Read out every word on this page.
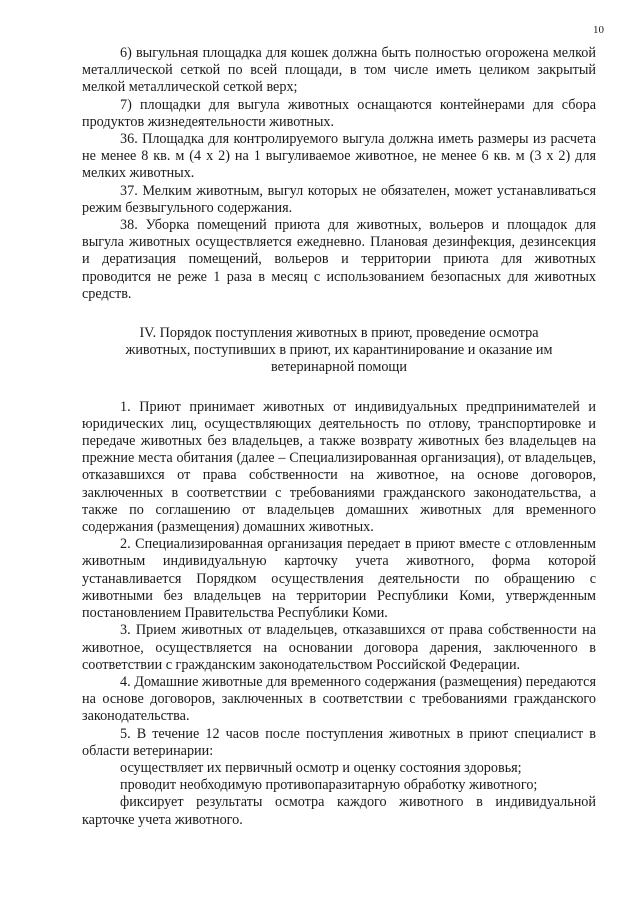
10

6) выгульная площадка для кошек должна быть полностью огорожена мелкой металлической сеткой по всей площади, в том числе иметь целиком закрытый мелкой металлической сеткой верх;

7) площадки для выгула животных оснащаются контейнерами для сбора продуктов жизнедеятельности животных.

36. Площадка для контролируемого выгула должна иметь размеры из расчета не менее 8 кв. м (4 х 2) на 1 выгуливаемое животное, не менее 6 кв. м (3 х 2) для мелких животных.

37. Мелким животным, выгул которых не обязателен, может устанавливаться режим безвыгульного содержания.

38. Уборка помещений приюта для животных, вольеров и площадок для выгула животных осуществляется ежедневно. Плановая дезинфекция, дезинсекция и дератизация помещений, вольеров и территории приюта для животных проводится не реже 1 раза в месяц с использованием безопасных для животных средств.

IV. Порядок поступления животных в приют, проведение осмотра животных, поступивших в приют, их карантинирование и оказание им ветеринарной помощи

1. Приют принимает животных от индивидуальных предпринимателей и юридических лиц, осуществляющих деятельность по отлову, транспортировке и передаче животных без владельцев, а также возврату животных без владельцев на прежние места обитания (далее – Специализированная организация), от владельцев, отказавшихся от права собственности на животное, на основе договоров, заключенных в соответствии с требованиями гражданского законодательства, а также по соглашению от владельцев домашних животных для временного содержания (размещения) домашних животных.

2. Специализированная организация передает в приют вместе с отловленным животным индивидуальную карточку учета животного, форма которой устанавливается Порядком осуществления деятельности по обращению с животными без владельцев на территории Республики Коми, утвержденным постановлением Правительства Республики Коми.

3. Прием животных от владельцев, отказавшихся от права собственности на животное, осуществляется на основании договора дарения, заключенного в соответствии с гражданским законодательством Российской Федерации.

4. Домашние животные для временного содержания (размещения) передаются на основе договоров, заключенных в соответствии с требованиями гражданского законодательства.

5. В течение 12 часов после поступления животных в приют специалист в области ветеринарии:

осуществляет их первичный осмотр и оценку состояния здоровья;

проводит необходимую противопаразитарную обработку животного;

фиксирует результаты осмотра каждого животного в индивидуальной карточке учета животного.
